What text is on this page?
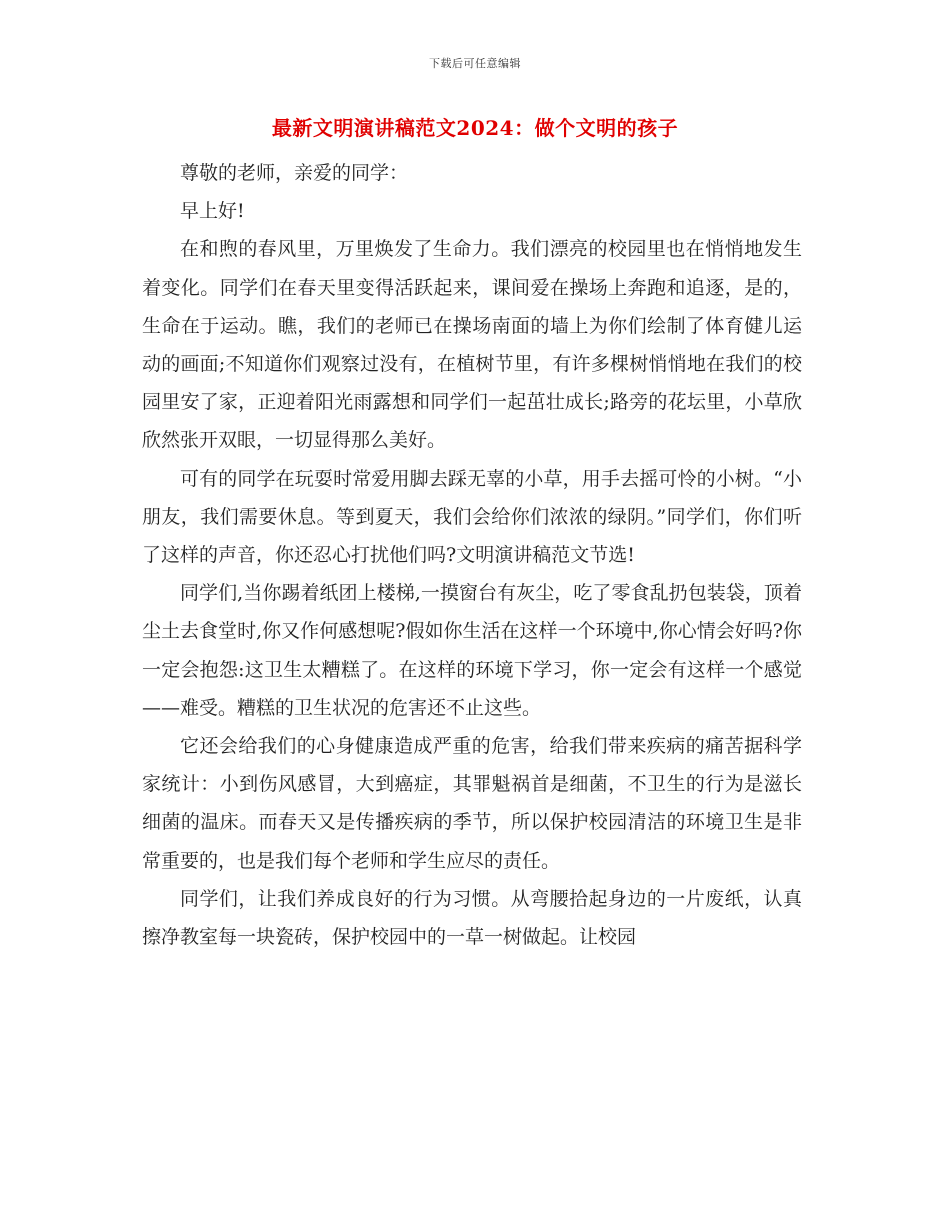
下载后可任意编辑
最新文明演讲稿范文2024：做个文明的孩子

尊敬的老师，亲爱的同学：

早上好!

在和煦的春风里，万里焕发了生命力。我们漂亮的校园里也在悄悄地发生着变化。同学们在春天里变得活跃起来，课间爱在操场上奔跑和追逐，是的，生命在于运动。瞧，我们的老师已在操场南面的墙上为你们绘制了体育健儿运动的画面;不知道你们观察过没有，在植树节里，有许多棵树悄悄地在我们的校园里安了家，正迎着阳光雨露想和同学们一起茁壮成长;路旁的花坛里，小草欣欣然张开双眼，一切显得那么美好。

可有的同学在玩耍时常爱用脚去踩无辜的小草，用手去摇可怜的小树。“小朋友，我们需要休息。等到夏天，我们会给你们浓浓的绿阴。”同学们，你们听了这样的声音，你还忍心打扰他们吗?文明演讲稿范文节选!

同学们,当你踢着纸团上楼梯,一摸窗台有灰尘，吃了零食乱扔包装袋，顶着尘土去食堂时,你又作何感想呢?假如你生活在这样一个环境中,你心情会好吗?你一定会抱怨:这卫生太糟糕了。在这样的环境下学习，你一定会有这样一个感觉——难受。糟糕的卫生状况的危害还不止这些。

它还会给我们的心身健康造成严重的危害，给我们带来疾病的痛苦据科学家统计：小到伤风感冒，大到癌症，其罪魁祸首是细菌，不卫生的行为是滋长细菌的温床。而春天又是传播疾病的季节，所以保护校园清洁的环境卫生是非常重要的，也是我们每个老师和学生应尽的责任。

同学们，让我们养成良好的行为习惯。从弯腰拾起身边的一片废纸，认真擦净教室每一块瓷砖，保护校园中的一草一树做起。让校园
